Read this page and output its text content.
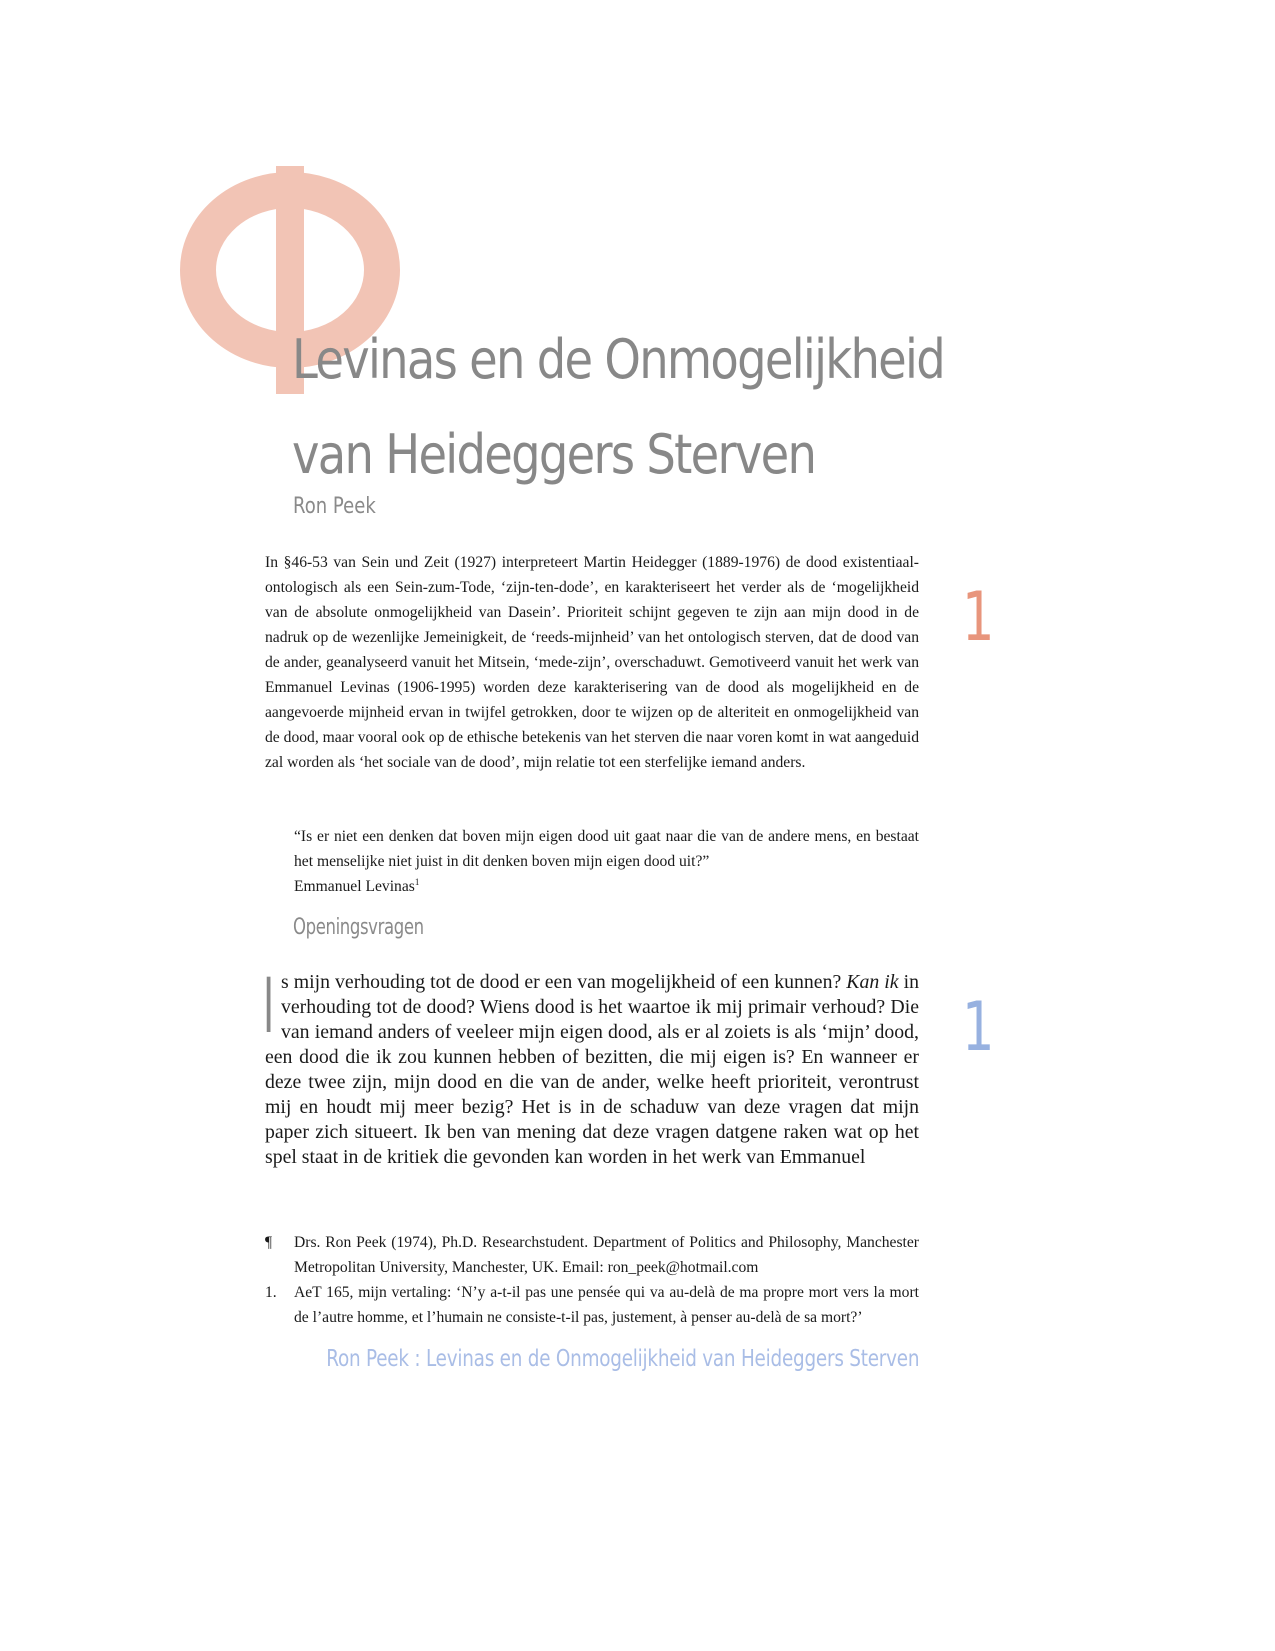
Levinas en de Onmogelijkheid
van Heideggers Sterven
Ron Peek

In §46-53 van Sein und Zeit (1927) interpreteert Martin Heidegger (1889-1976) de dood existentiaal-ontologisch als een Sein-zum-Tode, ‘zijn-ten-dode’, en karakteriseert het verder als de ‘mogelijkheid van de absolute onmogelijkheid van Dasein’. Prioriteit schijnt gegeven te zijn aan mijn dood in de nadruk op de wezenlijke Jemeinigkeit, de ‘reeds-mijnheid’ van het ontologisch sterven, dat de dood van de ander, geanalyseerd vanuit het Mitsein, ‘mede-zijn’, overschaduwt. Gemotiveerd vanuit het werk van Emmanuel Levinas (1906-1995) worden deze karakterisering van de dood als mogelijkheid en de aangevoerde mijnheid ervan in twijfel getrokken, door te wijzen op de alteriteit en onmogelijkheid van de dood, maar vooral ook op de ethische betekenis van het sterven die naar voren komt in wat aangeduid zal worden als ‘het sociale van de dood’, mijn relatie tot een sterfelijke iemand anders.

1

“Is er niet een denken dat boven mijn eigen dood uit gaat naar die van de andere mens, en bestaat het menselijke niet juist in dit denken boven mijn eigen dood uit?”

Emmanuel Levinas$^1$
Openingsvragen

Is mijn verhouding tot de dood er een van mogelijkheid of een kunnen? Kan ik in verhouding tot de dood? Wiens dood is het waartoe ik mij primair verhoud? Die van iemand anders of veeleer mijn eigen dood, als er al zoiets is als ‘mijn’ dood, een dood die ik zou kunnen hebben of bezitten, die mij eigen is? En wanneer er deze twee zijn, mijn dood en die van de ander, welke heeft prioriteit, verontrust mij en houdt mij meer bezig? Het is in de schaduw van deze vragen dat mijn paper zich situeert. Ik ben van mening dat deze vragen datgene raken wat op het spel staat in de kritiek die gevonden kan worden in het werk van Emmanuel

1
¶ Drs. Ron Peek (1974), Ph.D. Researchstudent. Department of Politics and Philosophy, Manchester Metropolitan University, Manchester, UK. Email: ron_peek@hotmail.com
1. AeT 165, mijn vertaling: ‘N’y a-t-il pas une pensée qui va au-delà de ma propre mort vers la mort de l’autre homme, et l’humain ne consiste-t-il pas, justement, à penser au-delà de sa mort?’
Ron Peek : Levinas en de Onmogelijkheid van Heideggers Sterven
